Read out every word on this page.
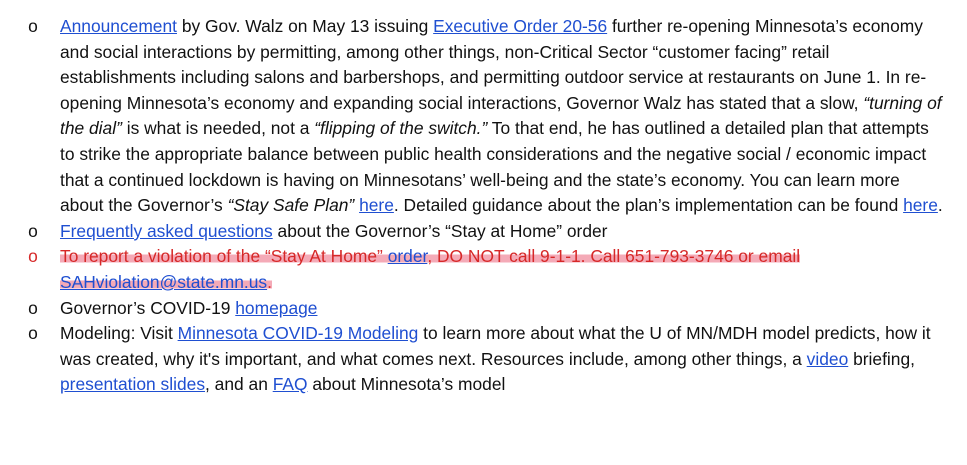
o	Announcement by Gov. Walz on May 13 issuing Executive Order 20-56 further re-opening Minnesota’s economy and social interactions by permitting, among other things, non-Critical Sector “customer facing” retail establishments including salons and barbershops, and permitting outdoor service at restaurants on June 1. In re-opening Minnesota’s economy and expanding social interactions, Governor Walz has stated that a slow, “turning of the dial” is what is needed, not a “flipping of the switch.” To that end, he has outlined a detailed plan that attempts to strike the appropriate balance between public health considerations and the negative social / economic impact that a continued lockdown is having on Minnesotans’ well-being and the state’s economy. You can learn more about the Governor’s “Stay Safe Plan” here. Detailed guidance about the plan’s implementation can be found here.
o	Frequently asked questions about the Governor’s “Stay at Home” order
o	To report a violation of the “Stay At Home” order, DO NOT call 9-1-1. Call 651-793-3746 or email SAHviolation@state.mn.us.
o	Governor’s COVID-19 homepage
o	Modeling: Visit Minnesota COVID-19 Modeling to learn more about what the U of MN/MDH model predicts, how it was created, why it's important, and what comes next. Resources include, among other things, a video briefing, presentation slides, and an FAQ about Minnesota’s model
